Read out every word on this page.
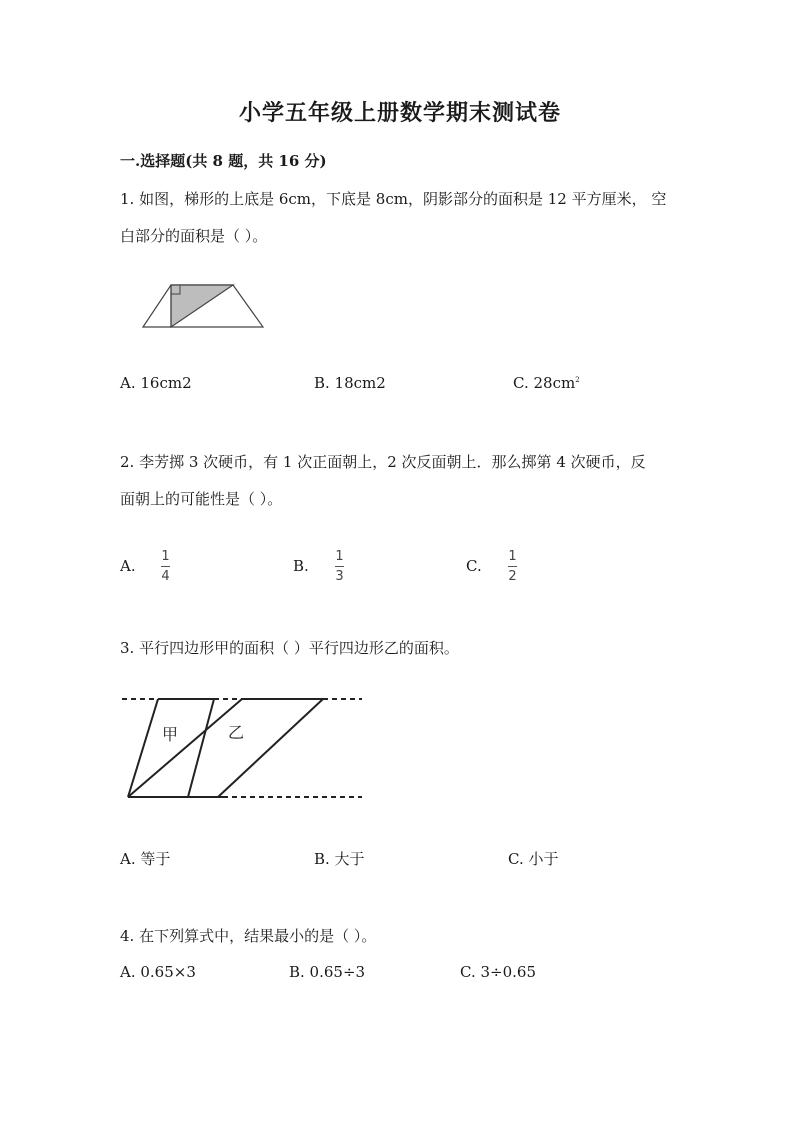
小学五年级上册数学期末测试卷
一.选择题(共 8 题，共 16 分)
1. 如图，梯形的上底是 6cm，下底是 8cm，阴影部分的面积是 12 平方厘米， 空
白部分的面积是（ ）。
A. 16cm2	B. 18cm2	C. $28cm^2$
2. 李芳掷 3 次硬币，有 1 次正面朝上，2 次反面朝上．那么掷第 4 次硬币，反
面朝上的可能性是（ ）。
A.
1
4
B.
1
3
C.
1
2
3. 平行四边形甲的面积（ ）平行四边形乙的面积。
甲	乙
A. 等于	B. 大于	C. 小于
4. 在下列算式中，结果最小的是（ ）。
A. 0.65×3	B. 0.65÷3	C. 3÷0.65
